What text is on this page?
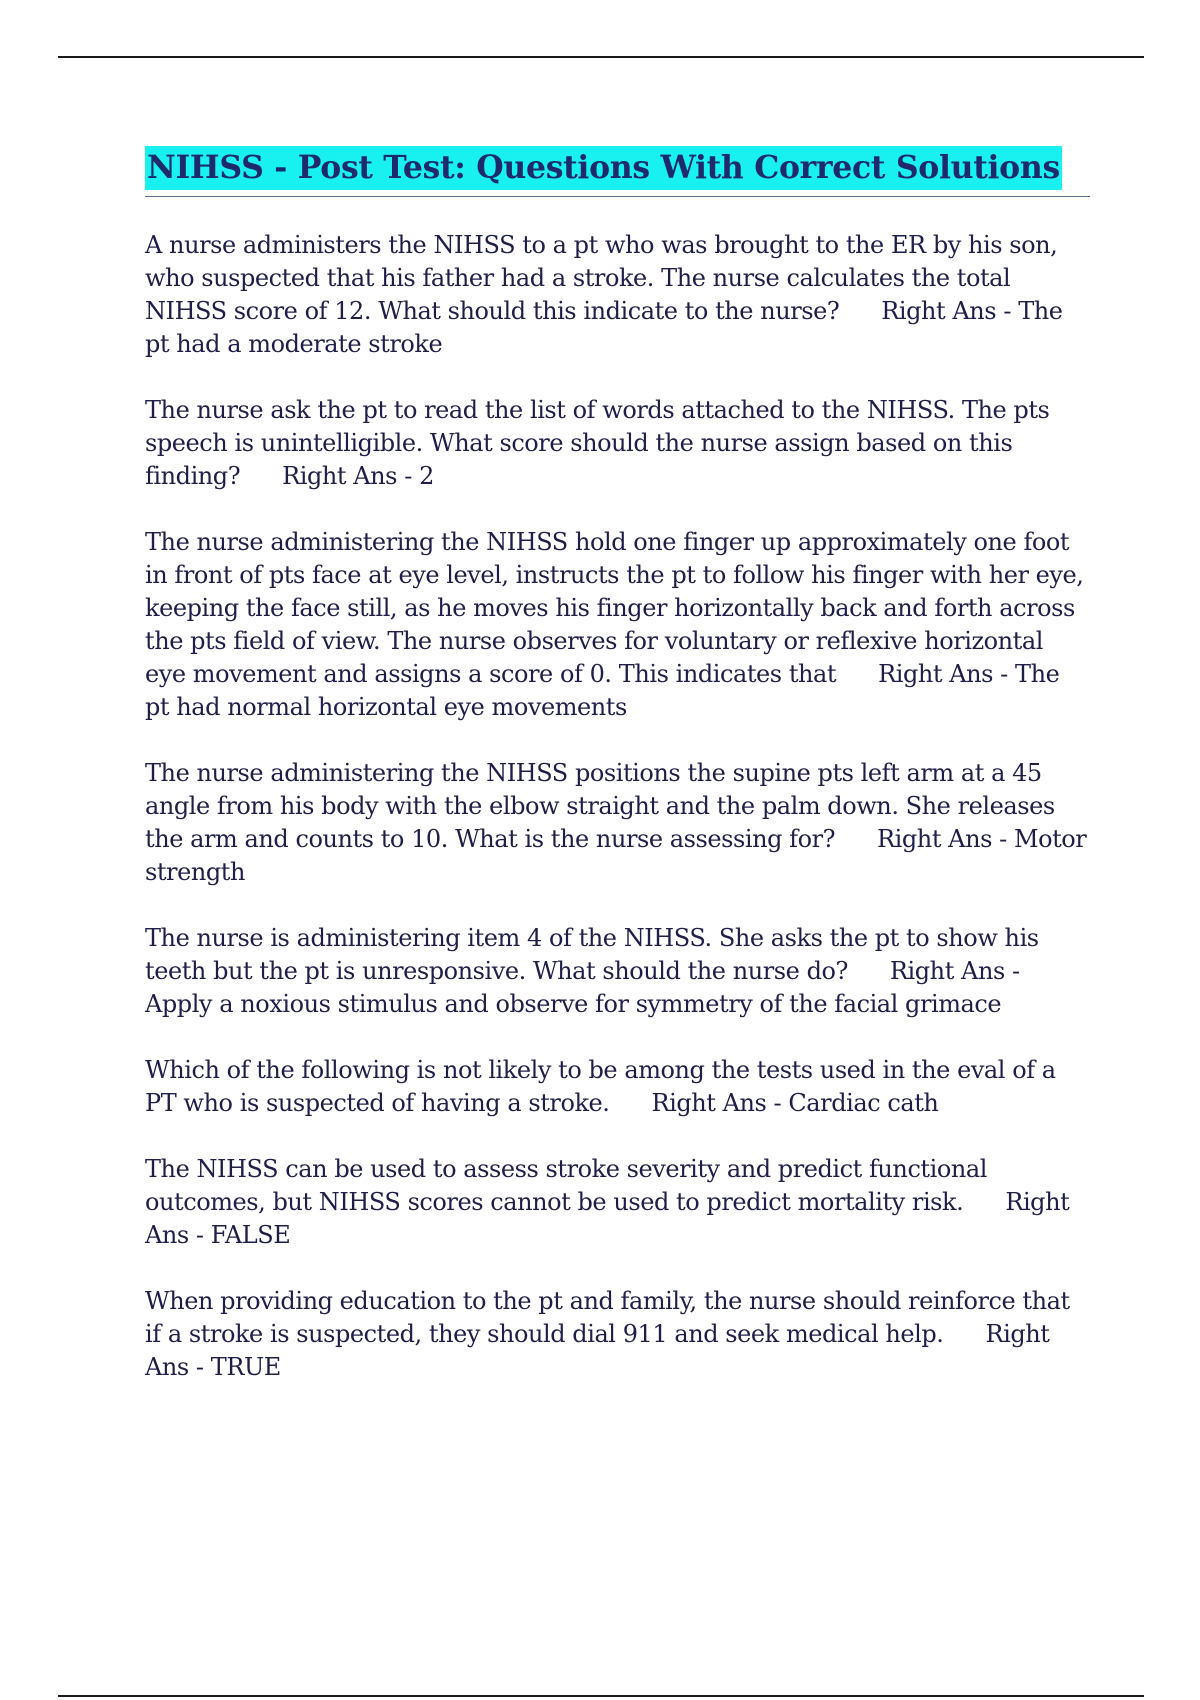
NIHSS - Post Test: Questions With Correct Solutions

A nurse administers the NIHSS to a pt who was brought to the ER by his son, who suspected that his father had a stroke. The nurse calculates the total NIHSS score of 12. What should this indicate to the nurse? Right Ans - The pt had a moderate stroke

The nurse ask the pt to read the list of words attached to the NIHSS. The pts speech is unintelligible. What score should the nurse assign based on this finding? Right Ans - 2

The nurse administering the NIHSS hold one finger up approximately one foot in front of pts face at eye level, instructs the pt to follow his finger with her eye, keeping the face still, as he moves his finger horizontally back and forth across the pts field of view. The nurse observes for voluntary or reflexive horizontal eye movement and assigns a score of 0. This indicates that Right Ans - The pt had normal horizontal eye movements

The nurse administering the NIHSS positions the supine pts left arm at a 45 angle from his body with the elbow straight and the palm down. She releases the arm and counts to 10. What is the nurse assessing for? Right Ans - Motor strength

The nurse is administering item 4 of the NIHSS. She asks the pt to show his teeth but the pt is unresponsive. What should the nurse do? Right Ans - Apply a noxious stimulus and observe for symmetry of the facial grimace

Which of the following is not likely to be among the tests used in the eval of a PT who is suspected of having a stroke. Right Ans - Cardiac cath

The NIHSS can be used to assess stroke severity and predict functional outcomes, but NIHSS scores cannot be used to predict mortality risk. Right Ans - FALSE

When providing education to the pt and family, the nurse should reinforce that if a stroke is suspected, they should dial 911 and seek medical help. Right Ans - TRUE
